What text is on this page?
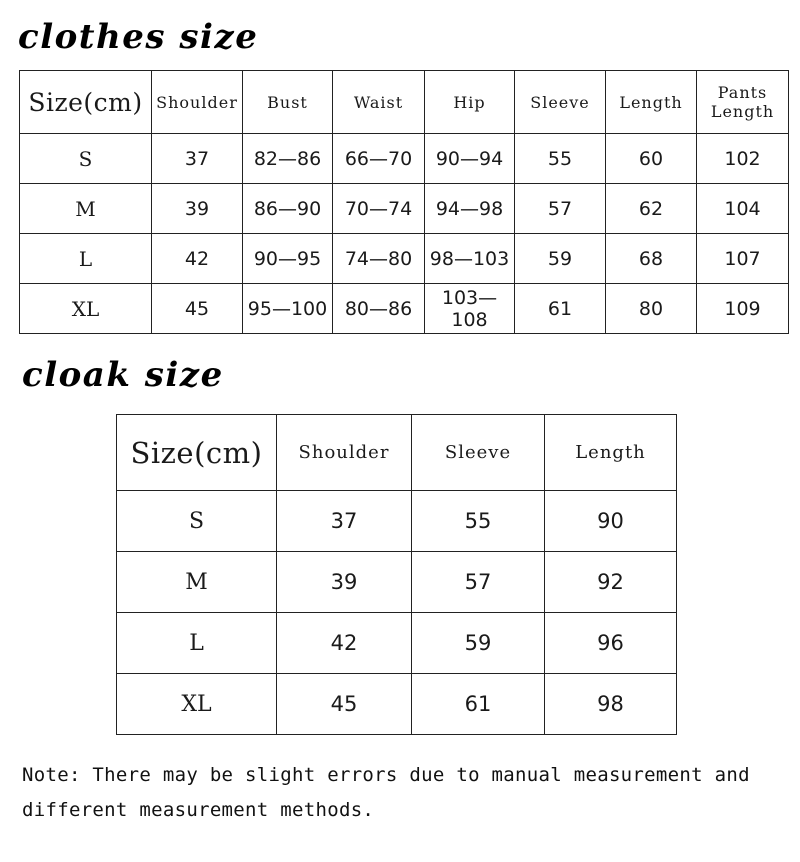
clothes size
Size(cm)	Shoulder	Bust	Waist	Hip	Sleeve	Length	Pants Length
S	37	82—86	66—70	90—94	55	60	102
M	39	86—90	70—74	94—98	57	62	104
L	42	90—95	74—80	98—103	59	68	107
XL	45	95—100	80—86	103—108	61	80	109
cloak size
Size(cm)	Shoulder	Sleeve	Length
S	37	55	90
M	39	57	92
L	42	59	96
XL	45	61	98

Note: There may be slight errors due to manual measurement and different measurement methods.
